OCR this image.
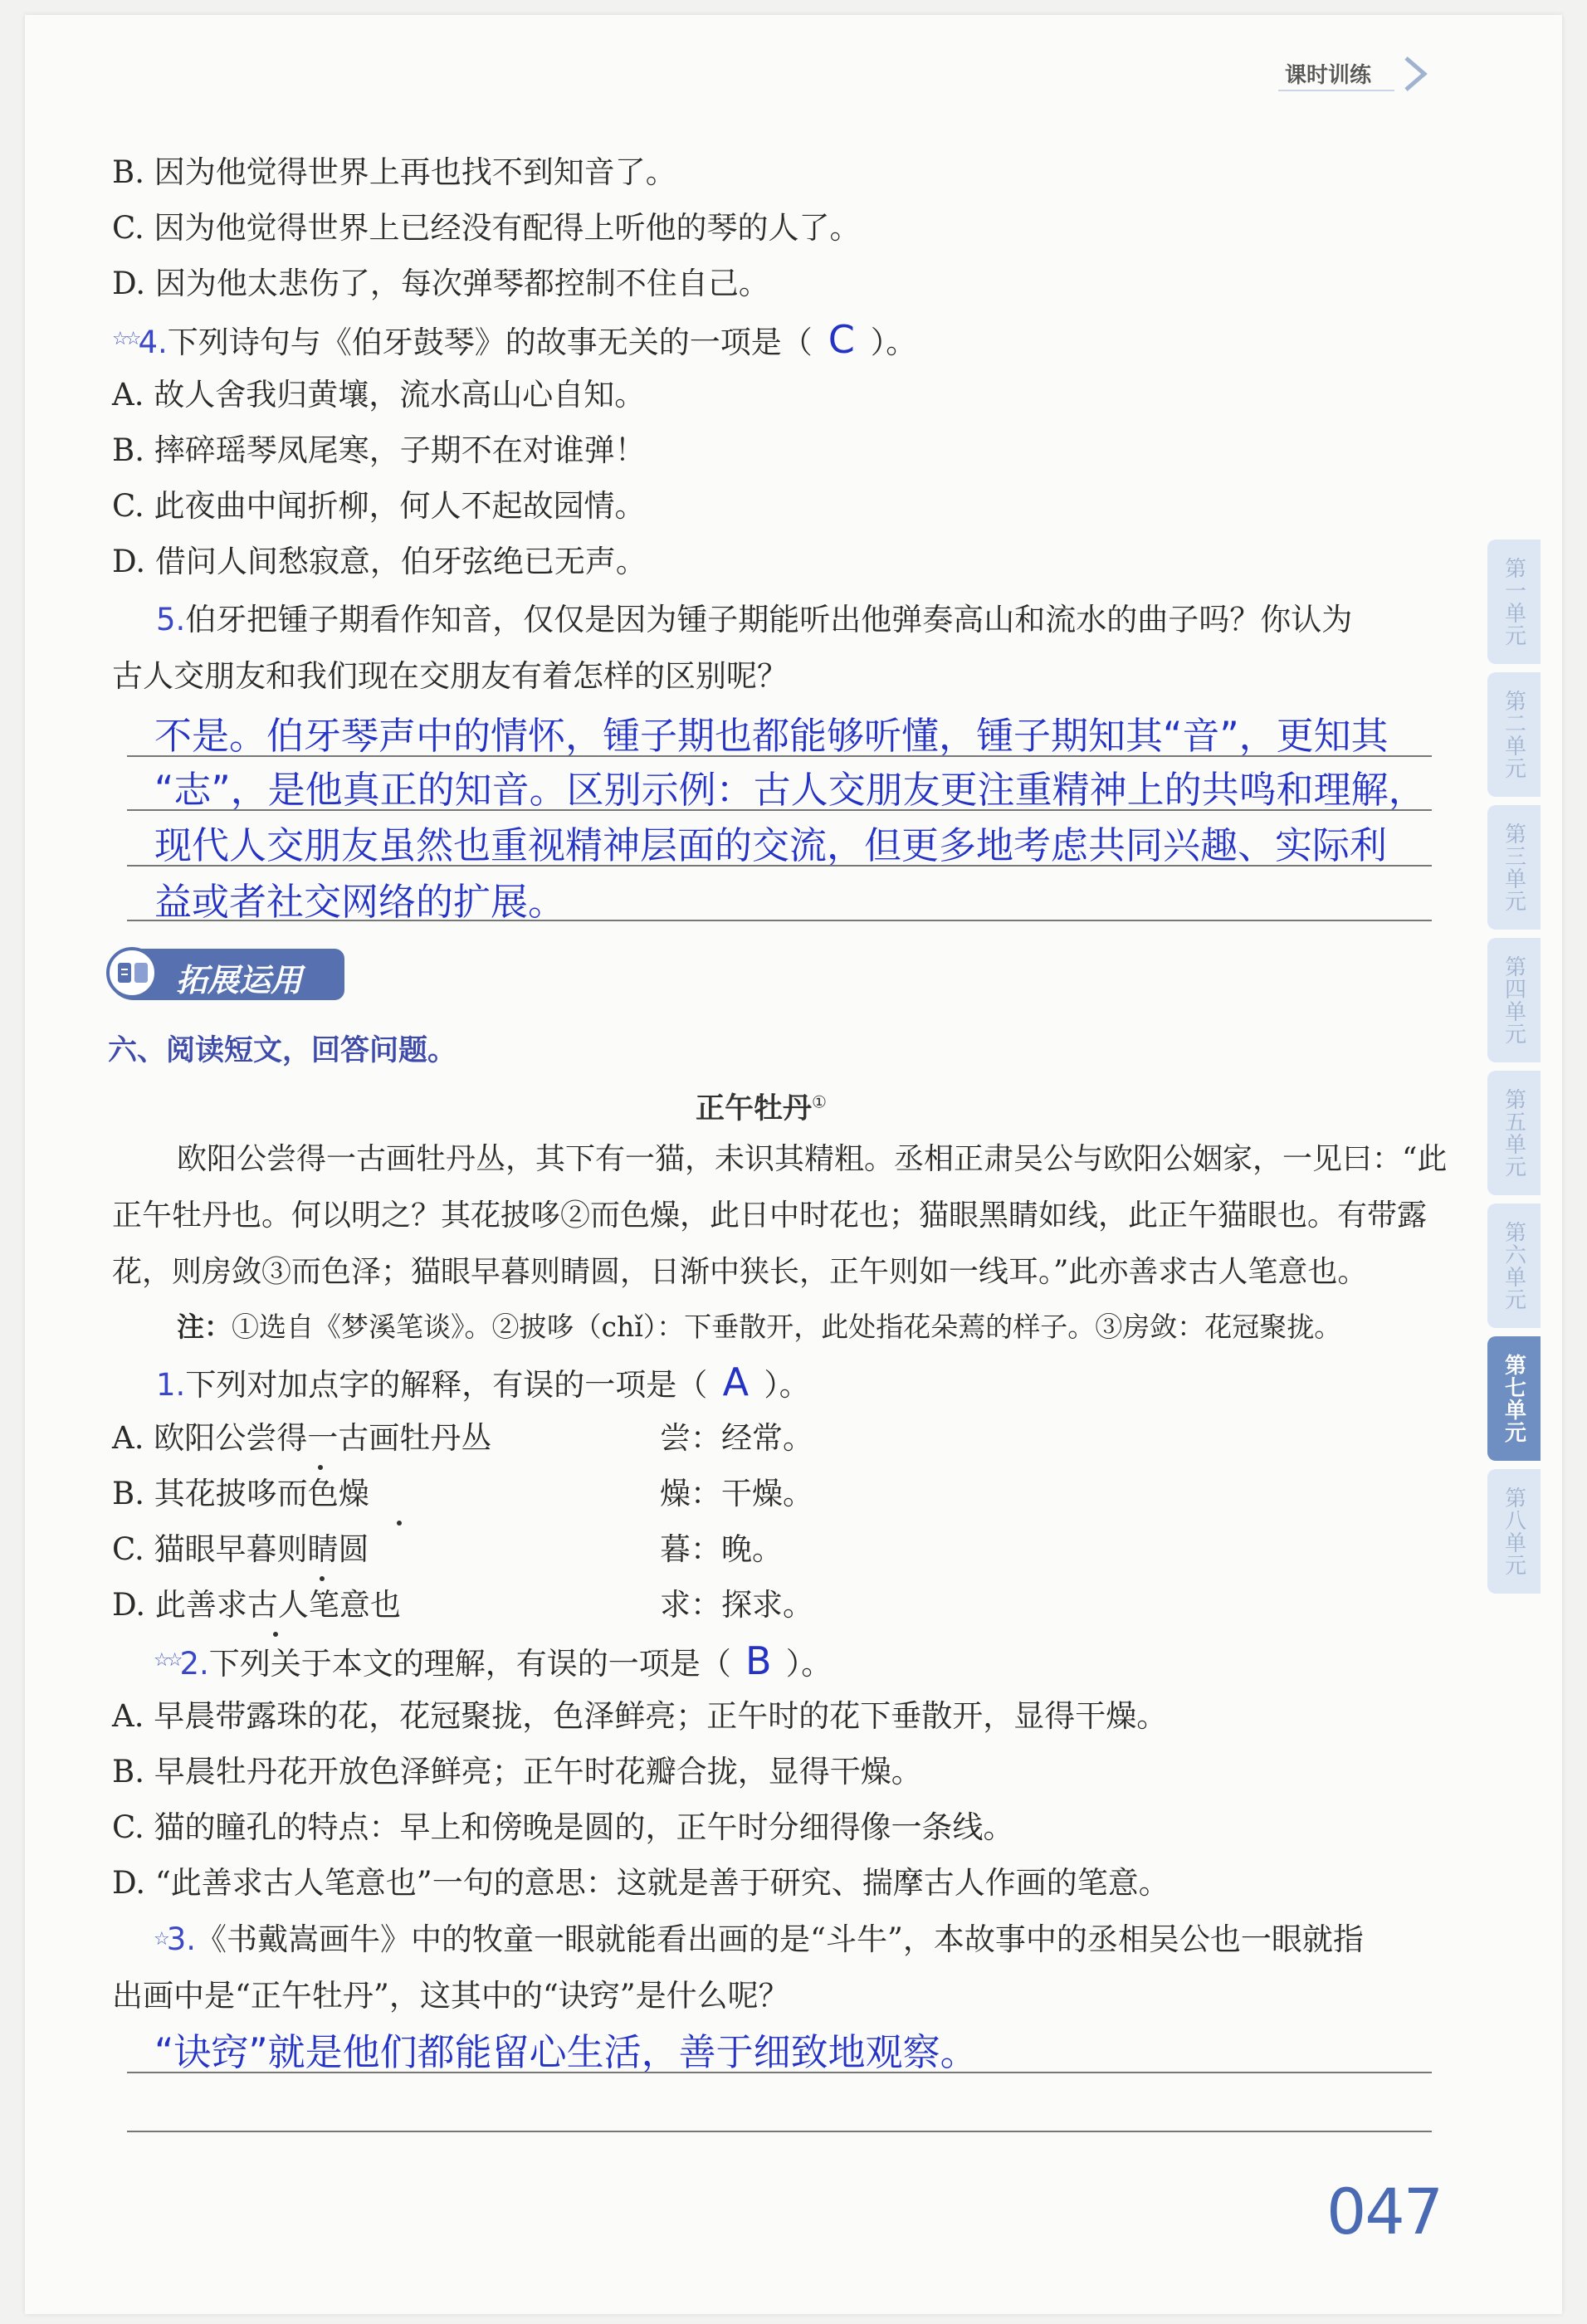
课时训练
B. 因为他觉得世界上再也找不到知音了。
C. 因为他觉得世界上已经没有配得上听他的琴的人了。
D. 因为他太悲伤了，每次弹琴都控制不住自己。
☆☆4.下列诗句与《伯牙鼓琴》的故事无关的一项是（ C ）。
A. 故人舍我归黄壤，流水高山心自知。
B. 摔碎瑶琴凤尾寒，子期不在对谁弹！
C. 此夜曲中闻折柳，何人不起故园情。
D. 借问人间愁寂意，伯牙弦绝已无声。
5.伯牙把锺子期看作知音，仅仅是因为锺子期能听出他弹奏高山和流水的曲子吗？你认为
古人交朋友和我们现在交朋友有着怎样的区别呢？
不是。伯牙琴声中的情怀，锺子期也都能够听懂，锺子期知其“音”，更知其
“志”，是他真正的知音。区别示例：古人交朋友更注重精神上的共鸣和理解，
现代人交朋友虽然也重视精神层面的交流，但更多地考虑共同兴趣、实际利
益或者社交网络的扩展。
拓展运用
六、阅读短文，回答问题。
正午牡丹①
欧阳公尝得一古画牡丹丛，其下有一猫，未识其精粗。丞相正肃吴公与欧阳公姻家，一见曰：“此
正午牡丹也。何以明之？其花披哆②而色燥，此日中时花也；猫眼黑睛如线，此正午猫眼也。有带露
花，则房敛③而色泽；猫眼早暮则睛圆，日渐中狭长，正午则如一线耳。”此亦善求古人笔意也。
注：①选自《梦溪笔谈》。②披哆（chǐ）：下垂散开，此处指花朵蔫的样子。③房敛：花冠聚拢。
1.下列对加点字的解释，有误的一项是（ A ）。
A. 欧阳公尝得一古画牡丹丛	尝：经常。
B. 其花披哆而色燥	燥：干燥。
C. 猫眼早暮则睛圆	暮：晚。
D. 此善求古人笔意也	求：探求。
☆☆2.下列关于本文的理解，有误的一项是（ B ）。
A. 早晨带露珠的花，花冠聚拢，色泽鲜亮；正午时的花下垂散开，显得干燥。
B. 早晨牡丹花开放色泽鲜亮；正午时花瓣合拢，显得干燥。
C. 猫的瞳孔的特点：早上和傍晚是圆的，正午时分细得像一条线。
D. “此善求古人笔意也”一句的意思：这就是善于研究、揣摩古人作画的笔意。
☆3.《书戴嵩画牛》中的牧童一眼就能看出画的是“斗牛”，本故事中的丞相吴公也一眼就指
出画中是“正午牡丹”，这其中的“诀窍”是什么呢？
“诀窍”就是他们都能留心生活，善于细致地观察。
047
第一单元
第二单元
第三单元
第四单元
第五单元
第六单元
第七单元
第八单元
